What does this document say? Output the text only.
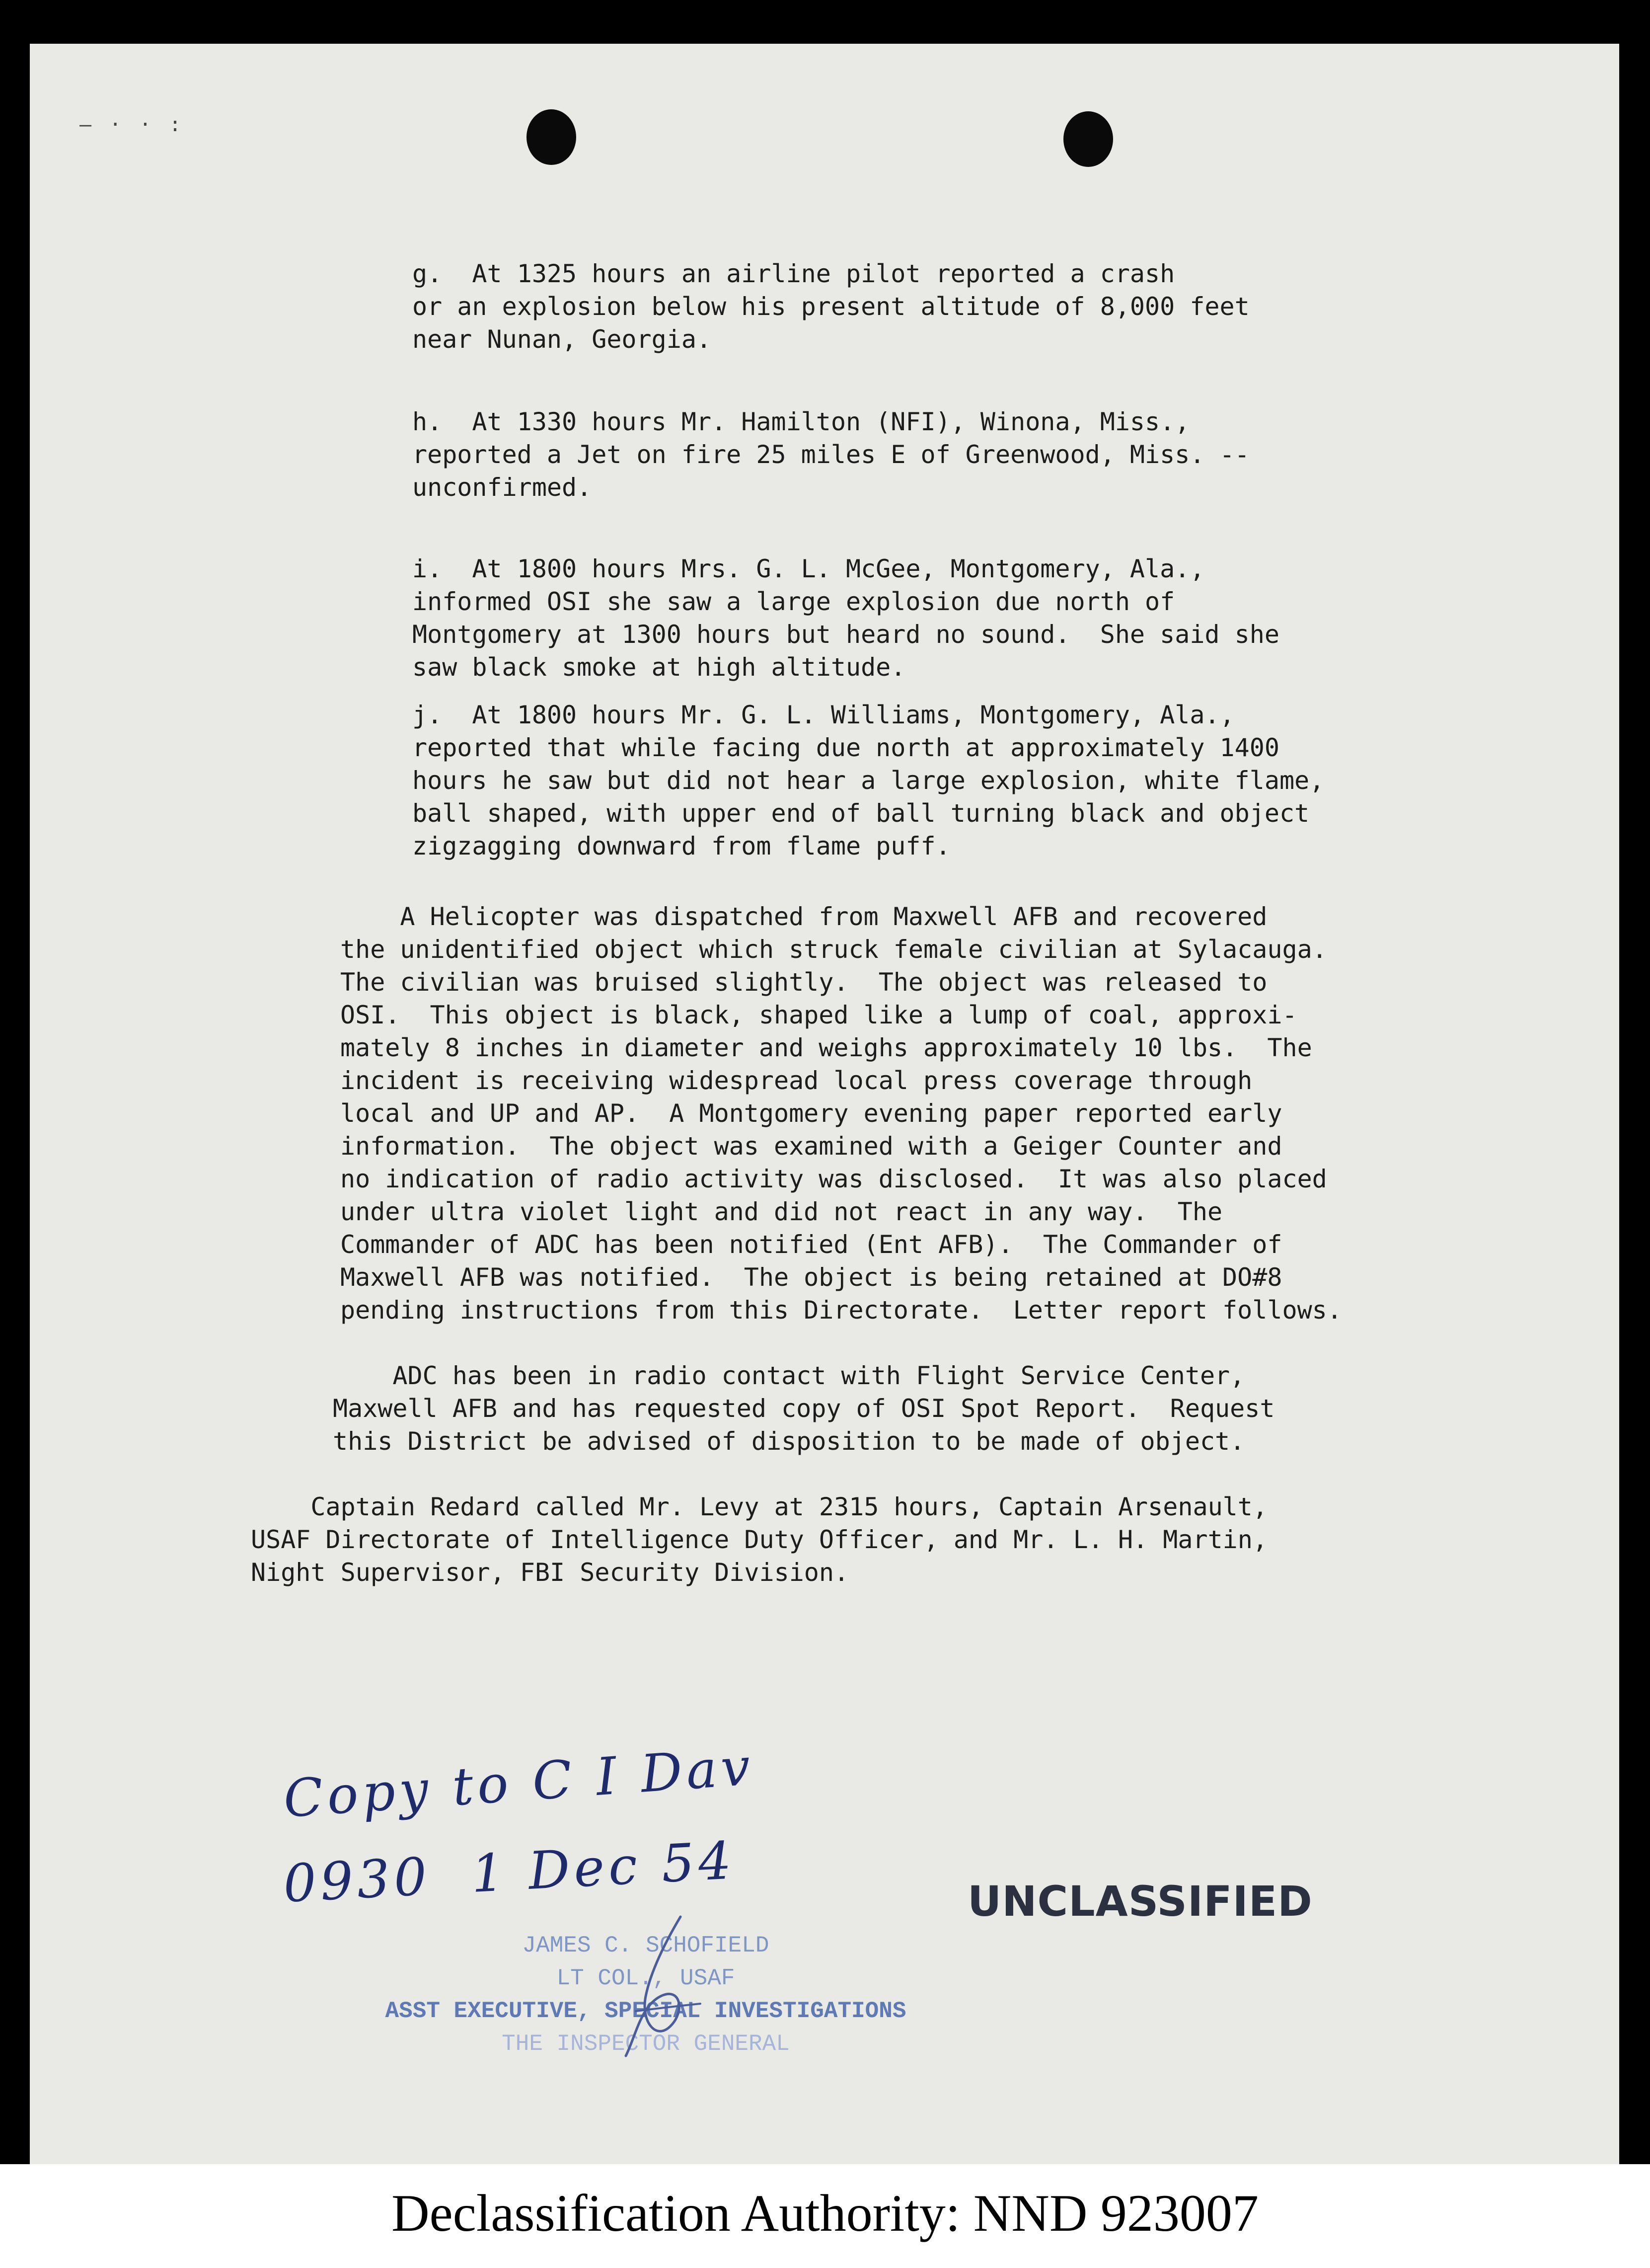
– · · :
g.  At 1325 hours an airline pilot reported a crash
or an explosion below his present altitude of 8,000 feet
near Nunan, Georgia.
h.  At 1330 hours Mr. Hamilton (NFI), Winona, Miss.,
reported a Jet on fire 25 miles E of Greenwood, Miss. --
unconfirmed.
i.  At 1800 hours Mrs. G. L. McGee, Montgomery, Ala.,
informed OSI she saw a large explosion due north of
Montgomery at 1300 hours but heard no sound.  She said she
saw black smoke at high altitude.
j.  At 1800 hours Mr. G. L. Williams, Montgomery, Ala.,
reported that while facing due north at approximately 1400
hours he saw but did not hear a large explosion, white flame,
ball shaped, with upper end of ball turning black and object
zigzagging downward from flame puff.
A Helicopter was dispatched from Maxwell AFB and recovered
the unidentified object which struck female civilian at Sylacauga.
The civilian was bruised slightly.  The object was released to
OSI.  This object is black, shaped like a lump of coal, approxi-
mately 8 inches in diameter and weighs approximately 10 lbs.  The
incident is receiving widespread local press coverage through
local and UP and AP.  A Montgomery evening paper reported early
information.  The object was examined with a Geiger Counter and
no indication of radio activity was disclosed.  It was also placed
under ultra violet light and did not react in any way.  The
Commander of ADC has been notified (Ent AFB).  The Commander of
Maxwell AFB was notified.  The object is being retained at DO#8
pending instructions from this Directorate.  Letter report follows.
ADC has been in radio contact with Flight Service Center,
Maxwell AFB and has requested copy of OSI Spot Report.  Request
this District be advised of disposition to be made of object.
Captain Redard called Mr. Levy at 2315 hours, Captain Arsenault,
USAF Directorate of Intelligence Duty Officer, and Mr. L. H. Martin,
Night Supervisor, FBI Security Division.
Copy to C I Dav
0930  1 Dec 54	UNCLASSIFIED
JAMES C. SCHOFIELD
LT COL., USAF
ASST EXECUTIVE, SPECIAL INVESTIGATIONS
THE INSPECTOR GENERAL
Declassification Authority: NND 923007
